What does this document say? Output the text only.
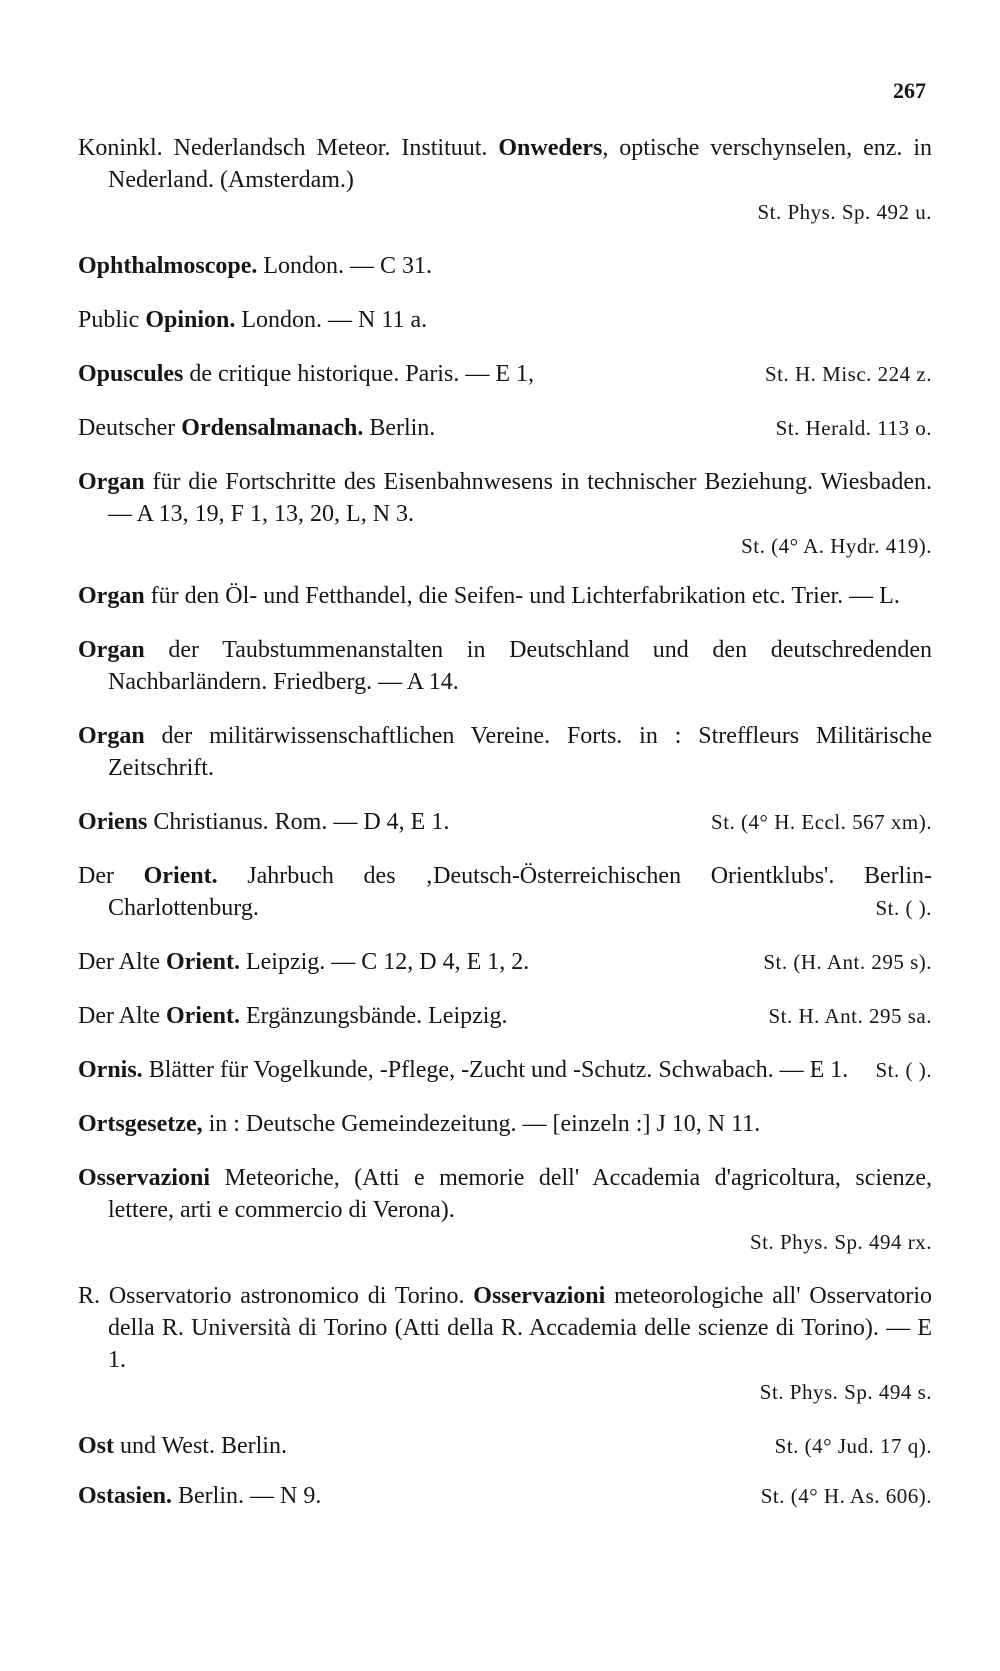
267
Koninkl. Nederlandsch Meteor. Instituut. Onweders, optische verschynselen, enz. in Nederland. (Amsterdam.)
St. Phys. Sp. 492 u.
Ophthalmoscope. London. — C 31.
Public Opinion. London. — N 11 a.
Opuscules de critique historique. Paris. — E 1,	St. H. Misc. 224 z.
Deutscher Ordensalmanach. Berlin.	St. Herald. 113 o.
Organ für die Fortschritte des Eisenbahnwesens in technischer Beziehung. Wiesbaden. — A 13, 19, F 1, 13, 20, L, N 3.
St. (4° A. Hydr. 419).
Organ für den Öl- und Fetthandel, die Seifen- und Lichterfabrikation etc. Trier. — L.
Organ der Taubstummenanstalten in Deutschland und den deutschredenden Nachbarländern. Friedberg. — A 14.
Organ der militärwissenschaftlichen Vereine. Forts. in : Streffleurs Militärische Zeitschrift.
Oriens Christianus. Rom. — D 4, E 1.	St. (4° H. Eccl. 567 xm).
Der Orient. Jahrbuch des ‚Deutsch-Österreichischen Orientklubs'. Berlin-Charlottenburg.	St. ( ).
Der Alte Orient. Leipzig. — C 12, D 4, E 1, 2.	St. (H. Ant. 295 s).
Der Alte Orient. Ergänzungsbände. Leipzig.	St. H. Ant. 295 sa.
Ornis. Blätter für Vogelkunde, -Pflege, -Zucht und -Schutz. Schwabach. — E 1. St. ( ).
Ortsgesetze, in : Deutsche Gemeindezeitung. — [einzeln :] J 10, N 11.
Osservazioni Meteoriche, (Atti e memorie dell' Accademia d'agricoltura, scienze, lettere, arti e commercio di Verona).
St. Phys. Sp. 494 rx.
R. Osservatorio astronomico di Torino. Osservazioni meteorologiche all' Osservatorio della R. Università di Torino (Atti della R. Accademia delle scienze di Torino). — E 1.
St. Phys. Sp. 494 s.
Ost und West. Berlin.	St. (4° Jud. 17 q).
Ostasien. Berlin. — N 9.	St. (4° H. As. 606).
